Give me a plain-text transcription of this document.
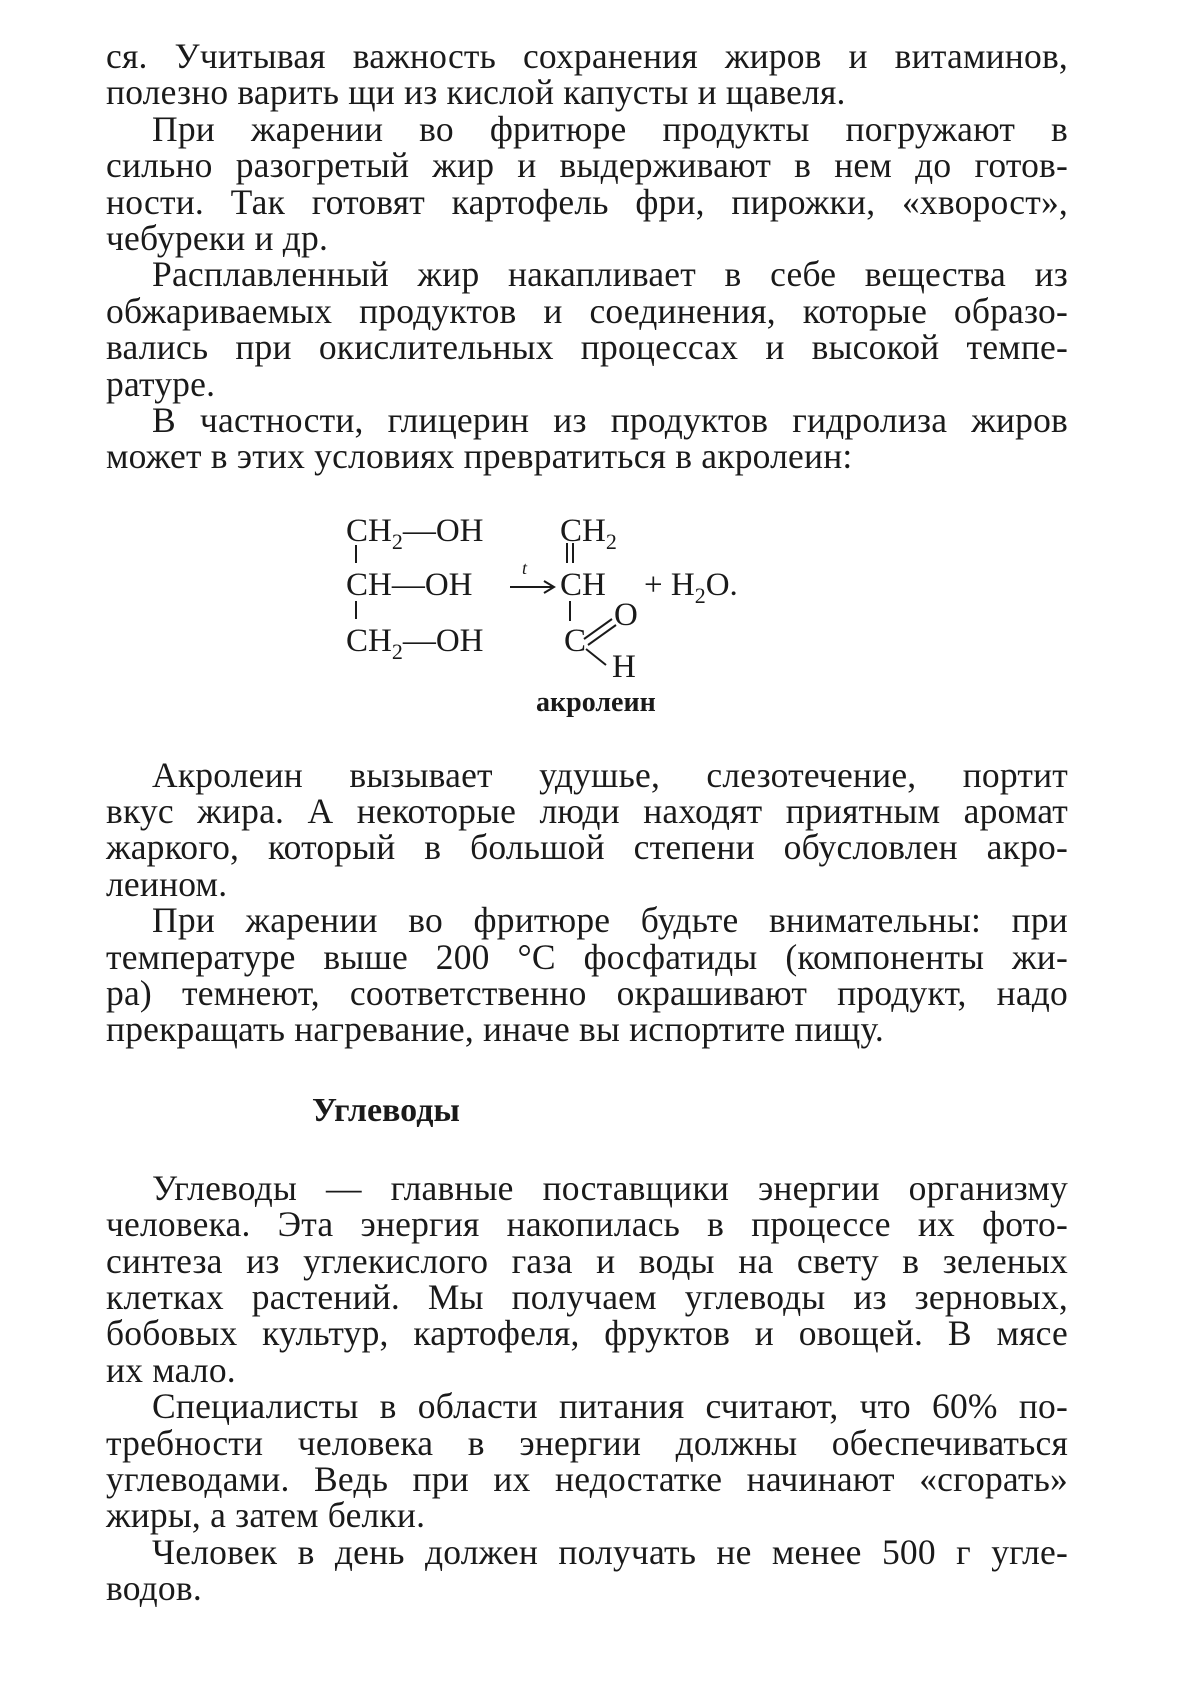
ся. Учитывая важность сохранения жиров и витаминов,
полезно варить щи из кислой капусты и щавеля.
При жарении во фритюре продукты погружают в
сильно разогретый жир и выдерживают в нем до готов-
ности. Так готовят картофель фри, пирожки, «хворост»,
чебуреки и др.
Расплавленный жир накапливает в себе вещества из
обжариваемых продуктов и соединения, которые образо-
вались при окислительных процессах и высокой темпе-
ратуре.
В частности, глицерин из продуктов гидролиза жиров
может в этих условиях превратиться в акролеин:
$CH_2—OH$
CH—OH
$CH_2—OH$
t
$CH_2$
CH
C
O
H
+ $H_2O$.
акролеин
Акролеин вызывает удушье, слезотечение, портит
вкус жира. А некоторые люди находят приятным аромат
жаркого, который в большой степени обусловлен акро-
леином.
При жарении во фритюре будьте внимательны: при
температуре выше 200 °С фосфатиды (компоненты жи-
ра) темнеют, соответственно окрашивают продукт, надо
прекращать нагревание, иначе вы испортите пищу.
Углеводы
Углеводы — главные поставщики энергии организму
человека. Эта энергия накопилась в процессе их фото-
синтеза из углекислого газа и воды на свету в зеленых
клетках растений. Мы получаем углеводы из зерновых,
бобовых культур, картофеля, фруктов и овощей. В мясе
их мало.
Специалисты в области питания считают, что 60% по-
требности человека в энергии должны обеспечиваться
углеводами. Ведь при их недостатке начинают «сгорать»
жиры, а затем белки.
Человек в день должен получать не менее 500 г угле-
водов.
